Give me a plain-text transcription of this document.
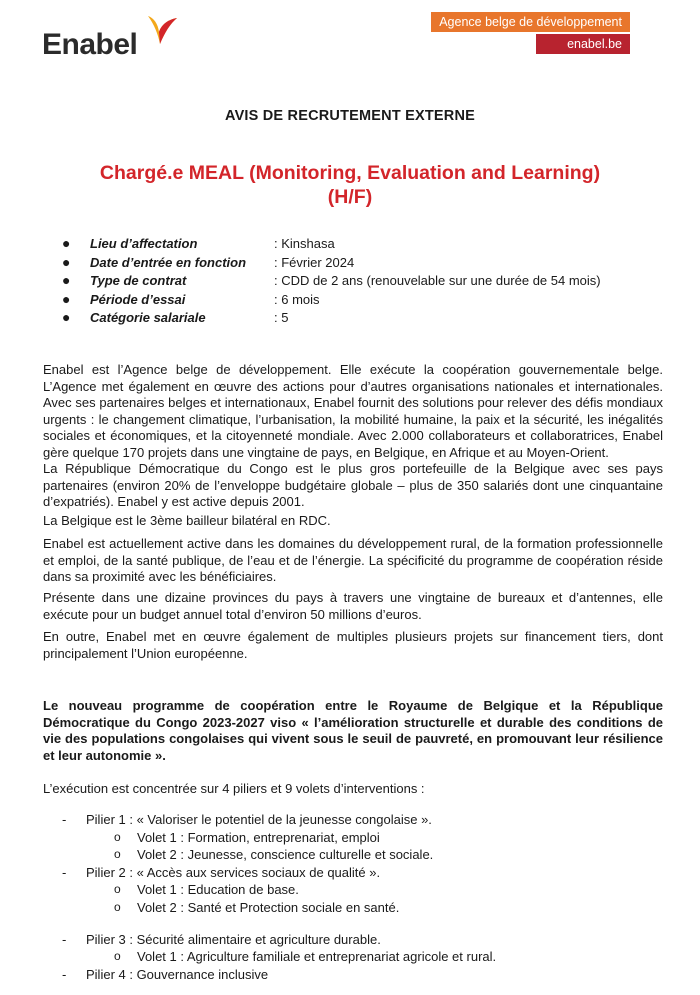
Enabel
Agence belge de développement
enabel.be
AVIS DE RECRUTEMENT EXTERNE
Chargé.e MEAL (Monitoring, Evaluation and Learning)
(H/F)
● Lieu d’affectation	: Kinshasa
● Date d’entrée en fonction : Février 2024
● Type de contrat	: CDD de 2 ans (renouvelable sur une durée de 54 mois)
● Période d’essai	: 6 mois
● Catégorie salariale	: 5

Enabel est l’Agence belge de développement. Elle exécute la coopération gouvernementale belge. L’Agence met également en œuvre des actions pour d’autres organisations nationales et internationales. Avec ses partenaires belges et internationaux, Enabel fournit des solutions pour relever des défis mondiaux urgents : le changement climatique, l’urbanisation, la mobilité humaine, la paix et la sécurité, les inégalités sociales et économiques, et la citoyenneté mondiale. Avec 2.000 collaborateurs et collaboratrices, Enabel gère quelque 170 projets dans une vingtaine de pays, en Belgique, en Afrique et au Moyen-Orient.

La République Démocratique du Congo est le plus gros portefeuille de la Belgique avec ses pays partenaires (environ 20% de l’enveloppe budgétaire globale – plus de 350 salariés dont une cinquantaine d’expatriés). Enabel y est active depuis 2001.

La Belgique est le 3ème bailleur bilatéral en RDC.

Enabel est actuellement active dans les domaines du développement rural, de la formation professionnelle et emploi, de la santé publique, de l’eau et de l’énergie. La spécificité du programme de coopération réside dans sa proximité avec les bénéficiaires.

Présente dans une dizaine provinces du pays à travers une vingtaine de bureaux et d’antennes, elle exécute pour un budget annuel total d’environ 50 millions d’euros.

En outre, Enabel met en œuvre également de multiples plusieurs projets sur financement tiers, dont principalement l’Union européenne.

Le nouveau programme de coopération entre le Royaume de Belgique et la République Démocratique du Congo 2023-2027 viso « l’amélioration structurelle et durable des conditions de vie des populations congolaises qui vivent sous le seuil de pauvreté, en promouvant leur résilience et leur autonomie ».

L’exécution est concentrée sur 4 piliers et 9 volets d’interventions :

- Pilier 1 : « Valoriser le potentiel de la jeunesse congolaise ».
o Volet 1 : Formation, entreprenariat, emploi
o Volet 2 : Jeunesse, conscience culturelle et sociale.
- Pilier 2 : « Accès aux services sociaux de qualité ».
o Volet 1 : Education de base.
o Volet 2 : Santé et Protection sociale en santé.
- Pilier 3 : Sécurité alimentaire et agriculture durable.
o Volet 1 : Agriculture familiale et entreprenariat agricole et rural.
- Pilier 4 : Gouvernance inclusive
